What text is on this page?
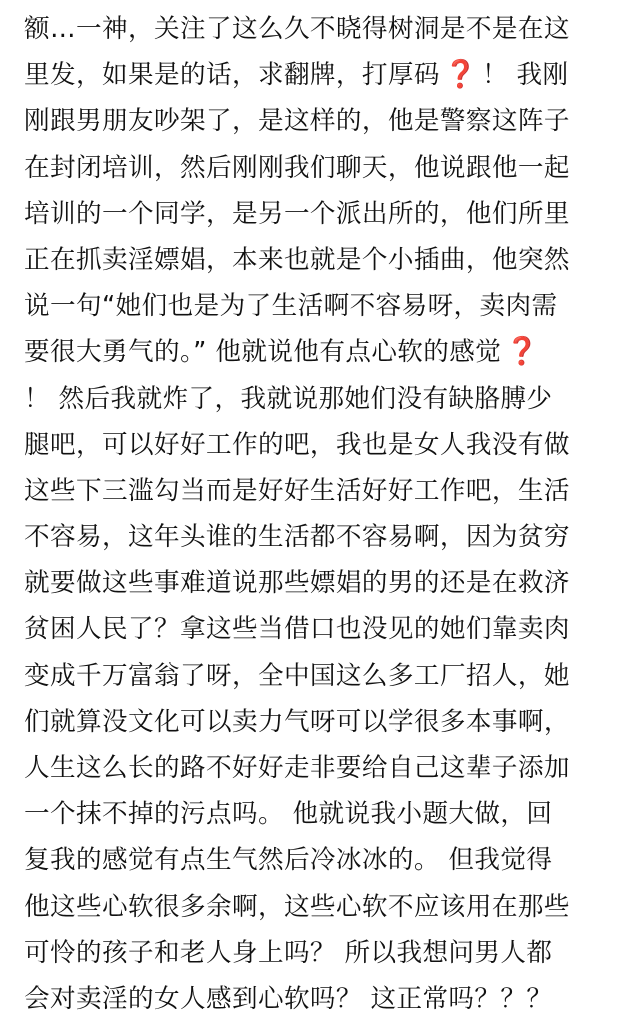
额…一神，关注了这么久不晓得树洞是不是在这
里发，如果是的话，求翻牌，打厚码 ❓ ！ 我刚
刚跟男朋友吵架了，是这样的，他是警察这阵子
在封闭培训，然后刚刚我们聊天，他说跟他一起
培训的一个同学，是另一个派出所的，他们所里
正在抓卖淫嫖娼，本来也就是个小插曲，他突然
说一句“她们也是为了生活啊不容易呀，卖肉需
要很大勇气的。” 他就说他有点心软的感觉 ❓
！ 然后我就炸了，我就说那她们没有缺胳膊少
腿吧，可以好好工作的吧，我也是女人我没有做
这些下三滥勾当而是好好生活好好工作吧，生活
不容易，这年头谁的生活都不容易啊，因为贫穷
就要做这些事难道说那些嫖娼的男的还是在救济
贫困人民了？拿这些当借口也没见的她们靠卖肉
变成千万富翁了呀，全中国这么多工厂招人，她
们就算没文化可以卖力气呀可以学很多本事啊，
人生这么长的路不好好走非要给自己这辈子添加
一个抹不掉的污点吗。 他就说我小题大做，回
复我的感觉有点生气然后冷冰冰的。 但我觉得
他这些心软很多余啊，这些心软不应该用在那些
可怜的孩子和老人身上吗？ 所以我想问男人都
会对卖淫的女人感到心软吗？ 这正常吗？？？
